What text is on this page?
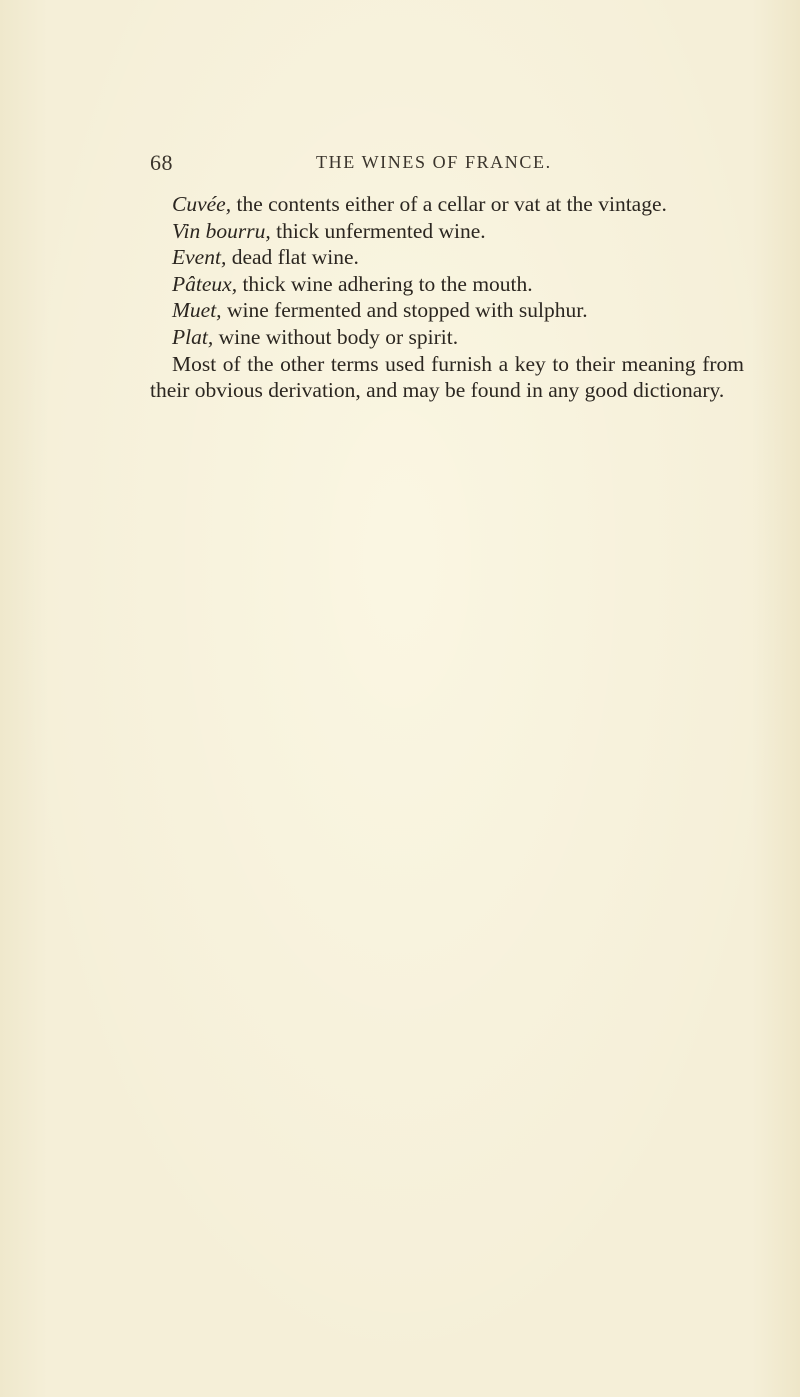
68	THE WINES OF FRANCE.

Cuvée, the contents either of a cellar or vat at the vintage.

Vin bourru, thick unfermented wine.

Event, dead flat wine.

Pâteux, thick wine adhering to the mouth.

Muet, wine fermented and stopped with sulphur.

Plat, wine without body or spirit.

Most of the other terms used furnish a key to their meaning from their obvious derivation, and may be found in any good dictionary.
